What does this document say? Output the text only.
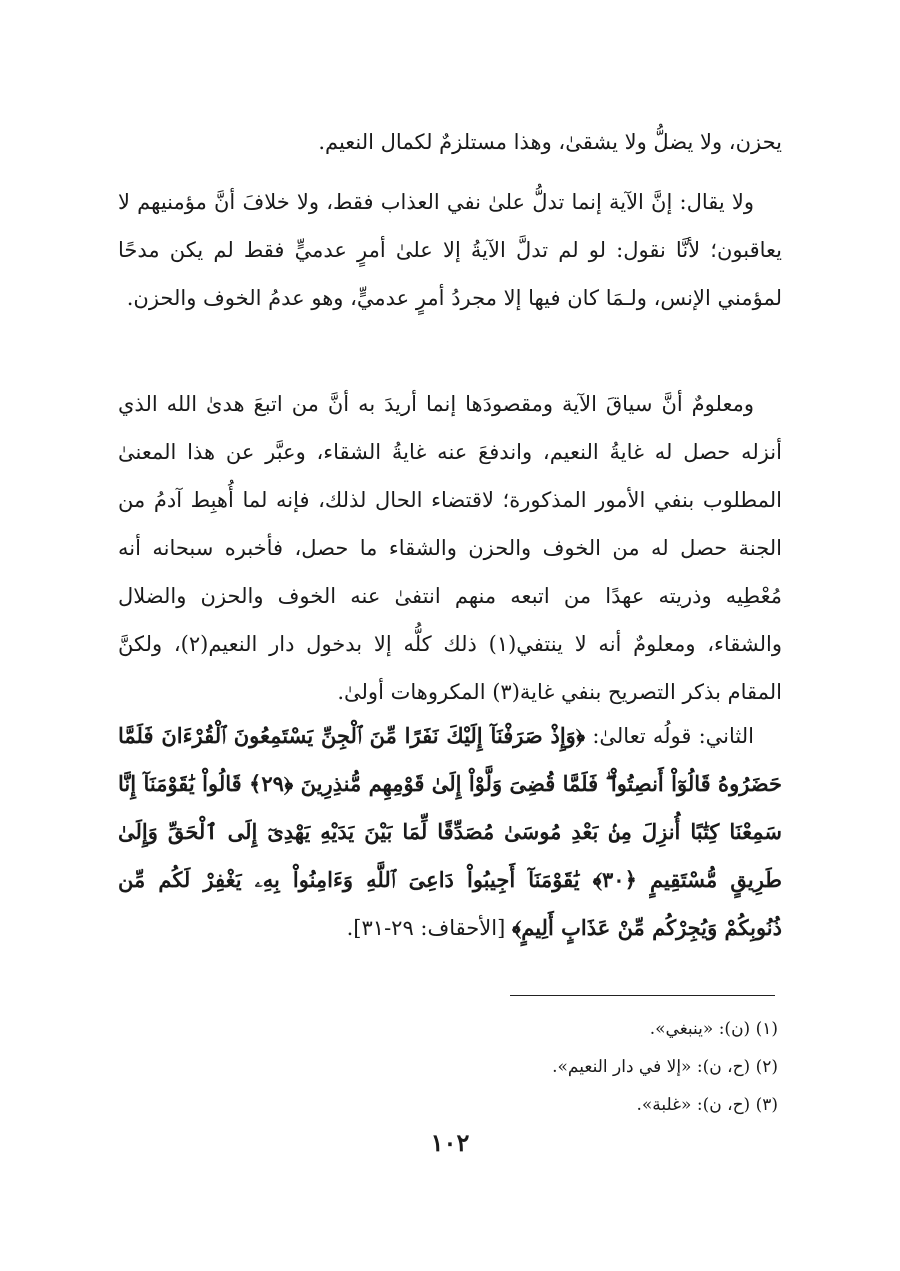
يحزن، ولا يضلُّ ولا يشقىٰ، وهذا مستلزمٌ لكمال النعيم.

ولا يقال: إنَّ الآية إنما تدلُّ علىٰ نفي العذاب فقط، ولا خلافَ أنَّ مؤمنيهم لا يعاقبون؛ لأنَّا نقول: لو لم تدلَّ الآيةُ إلا علىٰ أمرٍ عدميٍّ فقط لم يكن مدحًا لمؤمني الإنس، ولـمَا كان فيها إلا مجردُ أمرٍ عدميٍّ، وهو عدمُ الخوف والحزن.

ومعلومٌ أنَّ سياقَ الآية ومقصودَها إنما أريدَ به أنَّ من اتبعَ هدىٰ الله الذي أنزله حصل له غايةُ النعيم، واندفعَ عنه غايةُ الشقاء، وعبَّر عن هذا المعنىٰ المطلوب بنفي الأمور المذكورة؛ لاقتضاء الحال لذلك، فإنه لما أُهبِط آدمُ من الجنة حصل له من الخوف والحزن والشقاء ما حصل، فأخبره سبحانه أنه مُعْطِيه وذريته عهدًا من اتبعه منهم انتفىٰ عنه الخوف والحزن والضلال والشقاء، ومعلومٌ أنه لا ينتفي(١) ذلك كلُّه إلا بدخول دار النعيم(٢)، ولكنَّ المقام بذكر التصريح بنفي غاية(٣) المكروهات أولىٰ.

الثاني: قولُه تعالىٰ: ﴿وَإِذْ صَرَفْنَآ إِلَيْكَ نَفَرًا مِّنَ ٱلْجِنِّ يَسْتَمِعُونَ ٱلْقُرْءَانَ فَلَمَّا حَضَرُوهُ قَالُوٓاْ أَنصِتُواْ ۖ فَلَمَّا قُضِىَ وَلَّوْاْ إِلَىٰ قَوْمِهِم مُّنذِرِينَ ﴿٢٩﴾ قَالُواْ يَٰقَوْمَنَآ إِنَّا سَمِعْنَا كِتَٰبًا أُنزِلَ مِنۢ بَعْدِ مُوسَىٰ مُصَدِّقًا لِّمَا بَيْنَ يَدَيْهِ يَهْدِىٓ إِلَى ٱلْحَقِّ وَإِلَىٰ طَرِيقٍ مُّسْتَقِيمٍ ﴿٣٠﴾ يَٰقَوْمَنَآ أَجِيبُواْ دَاعِىَ ٱللَّهِ وَءَامِنُواْ بِهِۦ يَغْفِرْ لَكُم مِّن ذُنُوبِكُمْ وَيُجِرْكُم مِّنْ عَذَابٍ أَلِيمٍ﴾ [الأحقاف: ٢٩-٣١].

(١) (ن): «ينبغي».
(٢) (ح، ن): «إلا في دار النعيم».
(٣) (ح، ن): «غلبة».
١٠٢
